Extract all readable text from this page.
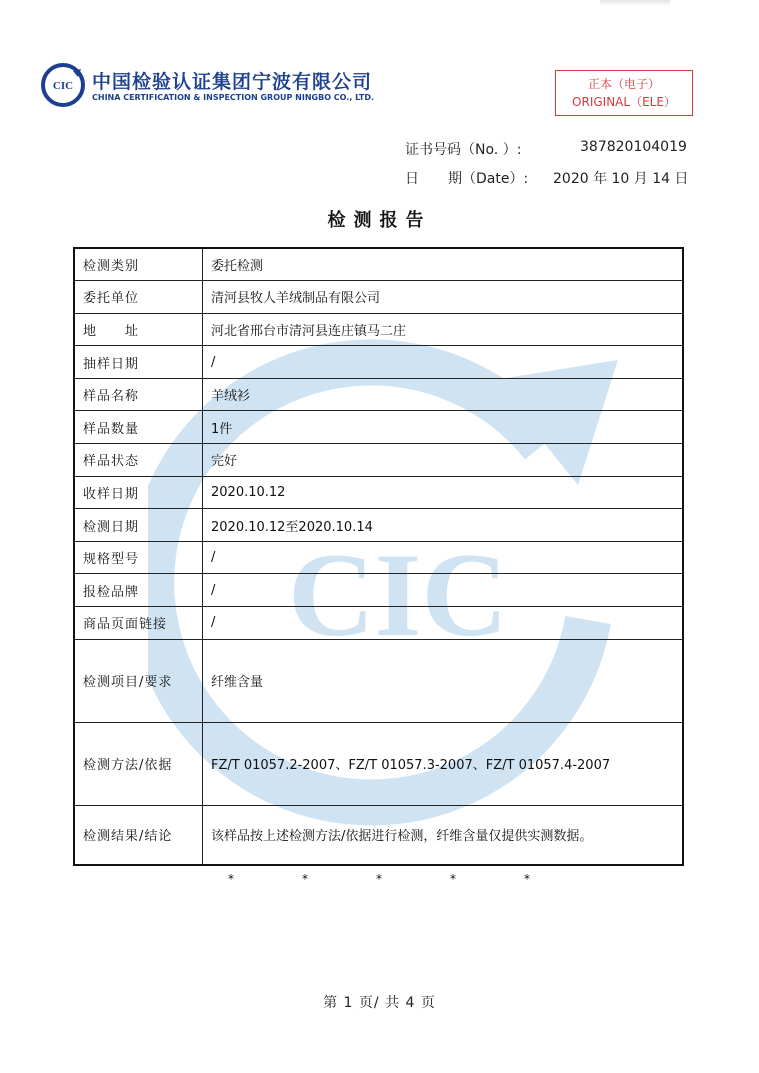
CIC 中国检验认证集团宁波有限公司
CHINA CERTIFICATION & INSPECTION GROUP NINGBO CO., LTD.
正本（电子）
ORIGINAL（ELE）
证书号码（No. ）:	387820104019
日 期（Date）: 2020 年 10 月 14 日
检测报告
CIC
检测类别	委托检测
委托单位	清河县牧人羊绒制品有限公司
地　　址	河北省邢台市清河县连庄镇马二庄
抽样日期	/
样品名称	羊绒衫
样品数量	1件
样品状态	完好
收样日期	2020.10.12
检测日期	2020.10.12至2020.10.14
规格型号	/
报检品牌	/
商品页面链接	/
检测项目/要求	纤维含量
检测方法/依据	FZ/T 01057.2-2007、FZ/T 01057.3-2007、FZ/T 01057.4-2007
检测结果/结论	该样品按上述检测方法/依据进行检测，纤维含量仅提供实测数据。
*	*	*	*	*
第 1 页/ 共 4 页
